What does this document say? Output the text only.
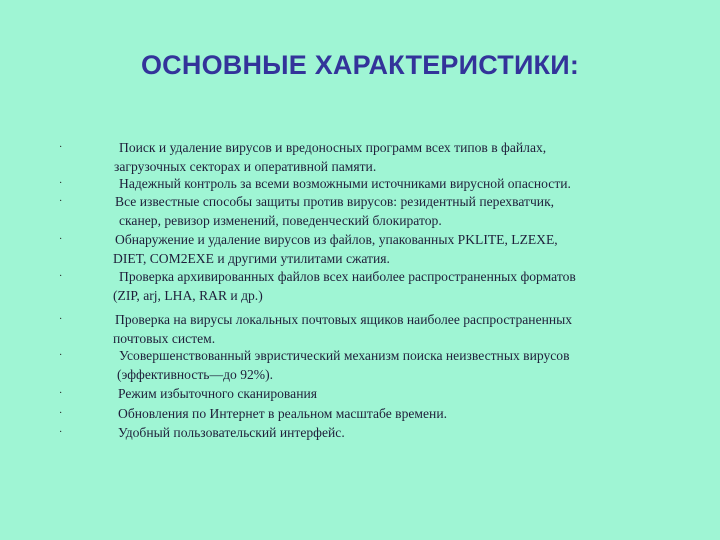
ОСНОВНЫЕ ХАРАКТЕРИСТИКИ:
·	Поиск и удаление вирусов и вредоносных программ всех типов в файлах,
загрузочных секторах и оперативной памяти.
·	Надежный контроль за всеми возможными источниками вирусной опасности.
·	Все известные способы защиты против вирусов: резидентный перехватчик,
сканер, ревизор изменений, поведенческий блокиратор.
·	Обнаружение и удаление вирусов из файлов, упакованных PKLITE, LZEXE,
DIET, COM2EXE и другими утилитами сжатия.
·	Проверка архивированных файлов всех наиболее распространенных форматов
(ZIP, arj, LHA, RAR и др.)
·	Проверка на вирусы локальных почтовых ящиков наиболее распространенных
почтовых систем.
·	Усовершенствованный эвристический механизм поиска неизвестных вирусов
(эффективность—до 92%).
·	Режим избыточного сканирования
·	Обновления по Интернет в реальном масштабе времени.
·	Удобный пользовательский интерфейс.
